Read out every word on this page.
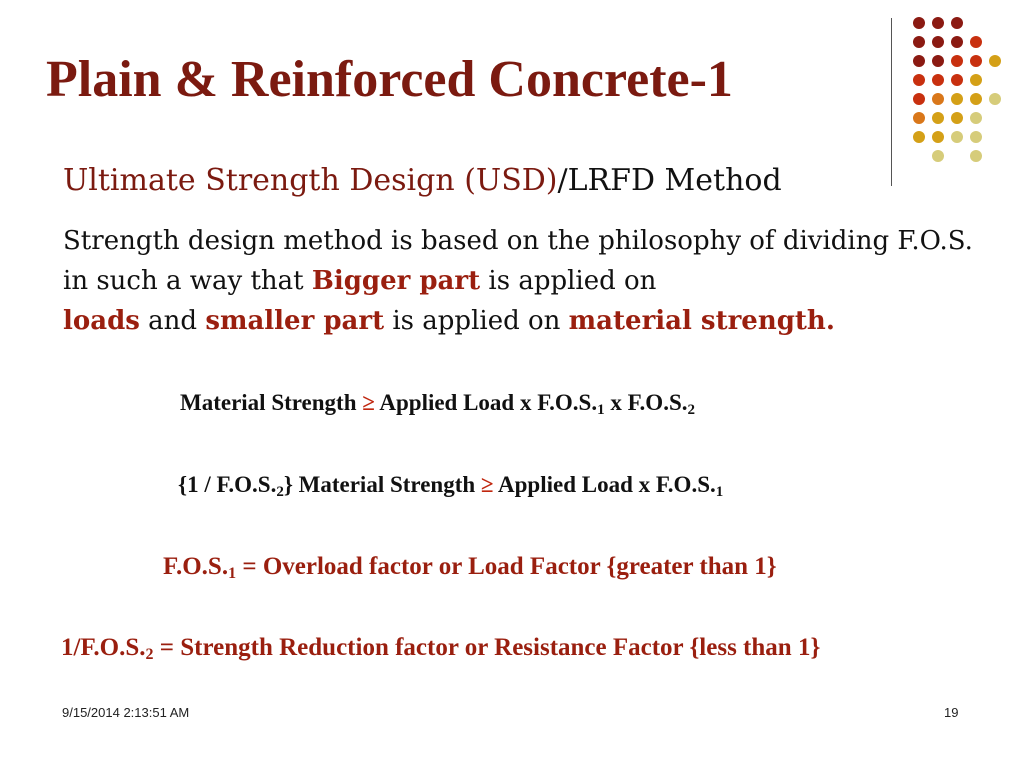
Plain & Reinforced Concrete-1
Ultimate Strength Design (USD)/LRFD Method
Strength design method is based on the philosophy of dividing F.O.S. in such a way that Bigger part is applied on
loads and smaller part is applied on material strength.
Material Strength ≥ Applied Load x $F.O.S._1$ x $F.O.S._2$
$\{1 / F.O.S._2\}$ Material Strength ≥ Applied Load x $F.O.S._1$
$F.O.S._1$ = Overload factor or Load Factor {greater than 1}
$1/F.O.S._2$ = Strength Reduction factor or Resistance Factor {less than 1}
9/15/2014 2:13:51 AM	19
